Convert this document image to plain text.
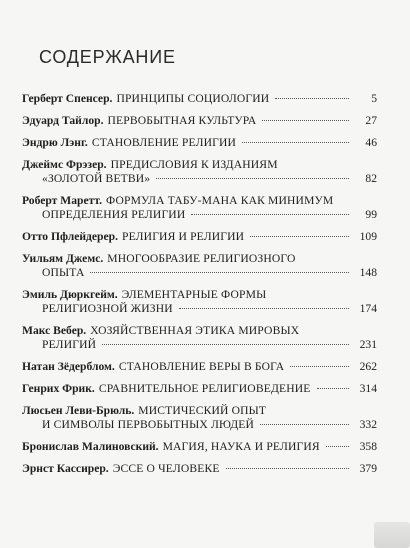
СОДЕРЖАНИЕ
Герберт Спенсер. ПРИНЦИПЫ СОЦИОЛОГИИ	5
Эдуард Тайлор. ПЕРВОБЫТНАЯ КУЛЬТУРА	27
Эндрю Лэнг. СТАНОВЛЕНИЕ РЕЛИГИИ	46
Джеймс Фрэзер. ПРЕДИСЛОВИЯ К ИЗДАНИЯМ
«ЗОЛОТОЙ ВЕТВИ»	82
Роберт Маретт. ФОРМУЛА ТАБУ-МАНА КАК МИНИМУМ
ОПРЕДЕЛЕНИЯ РЕЛИГИИ	99
Отто Пфлейдерер. РЕЛИГИЯ И РЕЛИГИИ	109
Уильям Джемс. МНОГООБРАЗИЕ РЕЛИГИОЗНОГО
ОПЫТА	148
Эмиль Дюркгейм. ЭЛЕМЕНТАРНЫЕ ФОРМЫ
РЕЛИГИОЗНОЙ ЖИЗНИ	174
Макс Вебер. ХОЗЯЙСТВЕННАЯ ЭТИКА МИРОВЫХ
РЕЛИГИЙ	231
Натан Зёдерблом. СТАНОВЛЕНИЕ ВЕРЫ В БОГА	262
Генрих Фрик. СРАВНИТЕЛЬНОЕ РЕЛИГИОВЕДЕНИЕ	314
Люсьен Леви-Брюль. МИСТИЧЕСКИЙ ОПЫТ
И СИМВОЛЫ ПЕРВОБЫТНЫХ ЛЮДЕЙ	332
Бронислав Малиновский. МАГИЯ, НАУКА И РЕЛИГИЯ	358
Эрнст Кассирер. ЭССЕ О ЧЕЛОВЕКЕ	379
